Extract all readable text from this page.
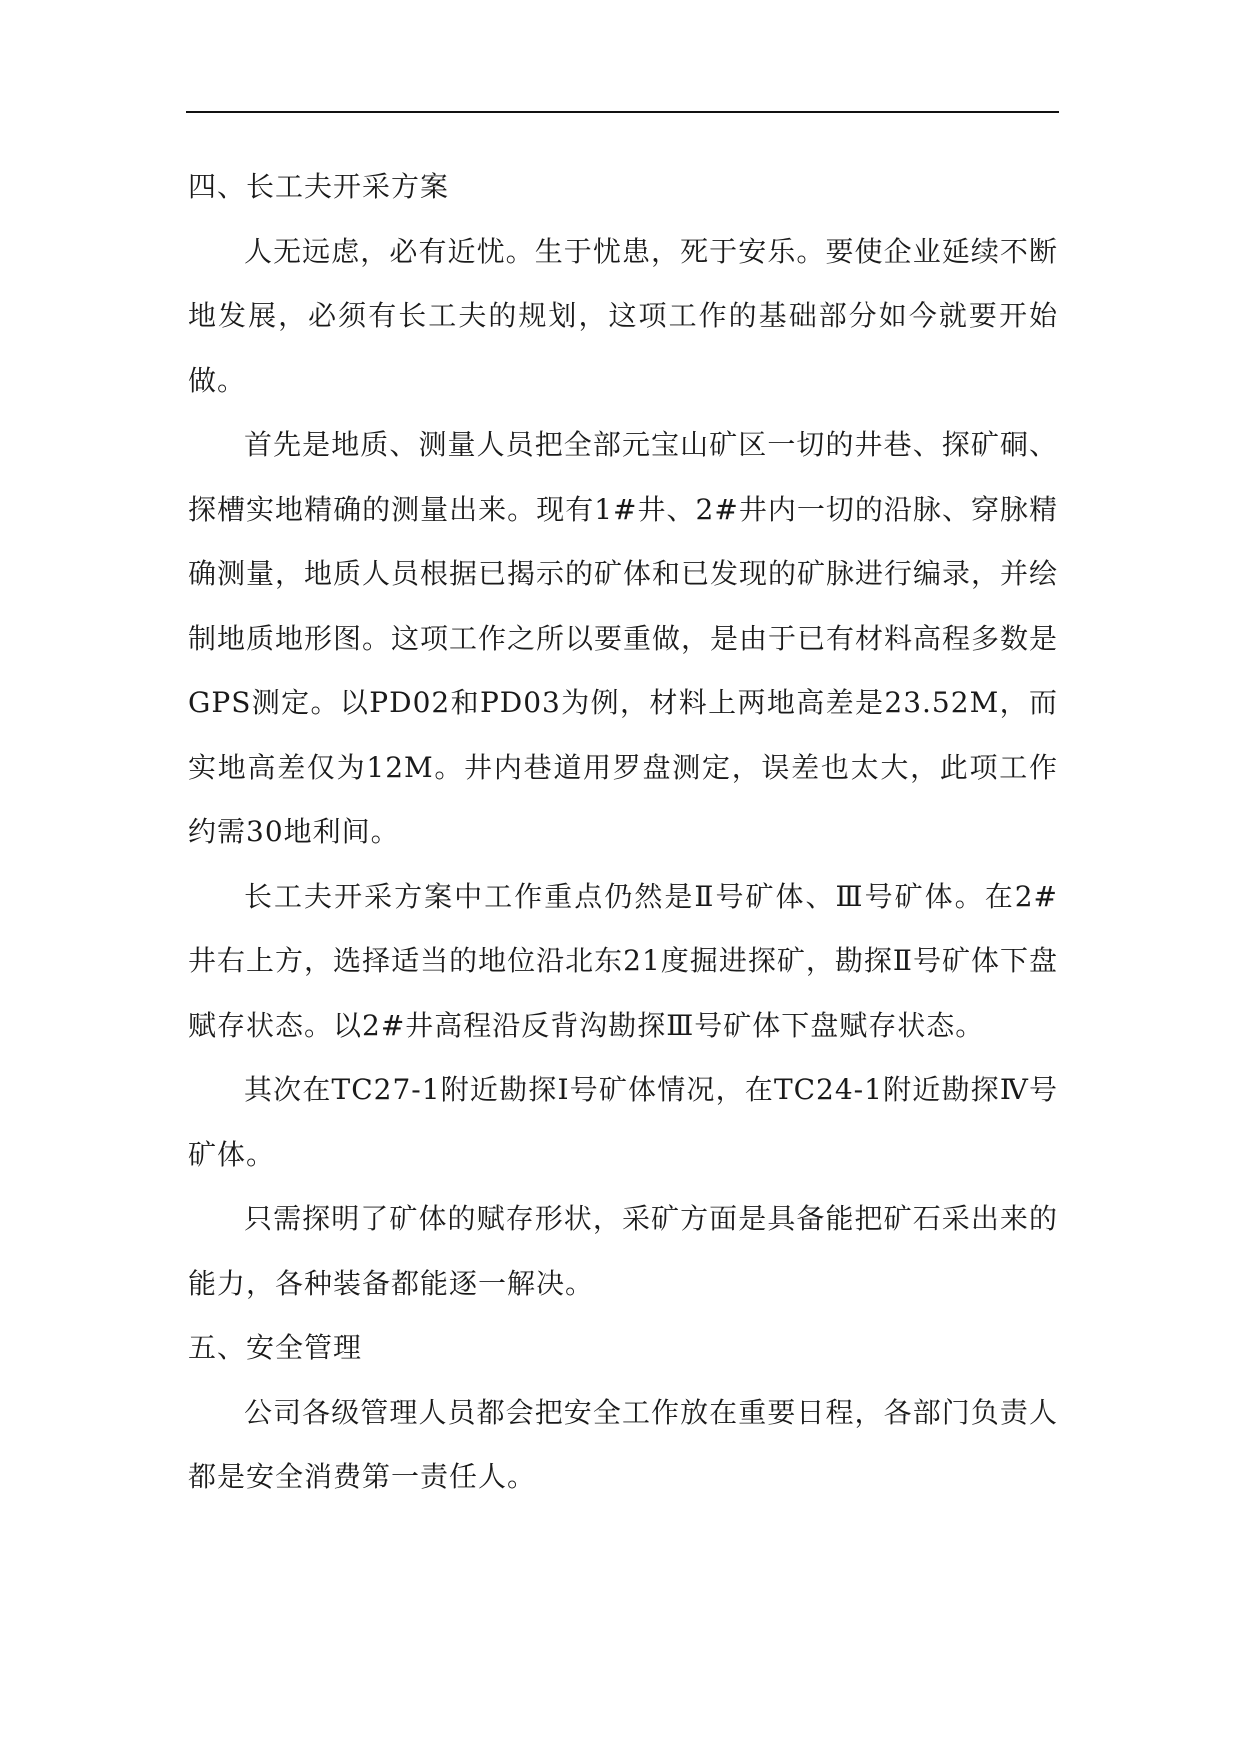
四、长工夫开采方案

人无远虑，必有近忧。生于忧患，死于安乐。要使企业延续不断地发展，必须有长工夫的规划，这项工作的基础部分如今就要开始做。

首先是地质、测量人员把全部元宝山矿区一切的井巷、探矿硐、探槽实地精确的测量出来。现有1#井、2#井内一切的沿脉、穿脉精确测量，地质人员根据已揭示的矿体和已发现的矿脉进行编录，并绘制地质地形图。这项工作之所以要重做，是由于已有材料高程多数是GPS测定。以PD02和PD03为例，材料上两地高差是23.52M，而实地高差仅为12M。井内巷道用罗盘测定，误差也太大，此项工作约需30地利间。

长工夫开采方案中工作重点仍然是Ⅱ号矿体、Ⅲ号矿体。在2#井右上方，选择适当的地位沿北东21度掘进探矿，勘探Ⅱ号矿体下盘赋存状态。以2#井高程沿反背沟勘探Ⅲ号矿体下盘赋存状态。

其次在TC27-1附近勘探Ⅰ号矿体情况，在TC24-1附近勘探Ⅳ号矿体。

只需探明了矿体的赋存形状，采矿方面是具备能把矿石采出来的能力，各种装备都能逐一解决。

五、安全管理

公司各级管理人员都会把安全工作放在重要日程，各部门负责人都是安全消费第一责任人。
